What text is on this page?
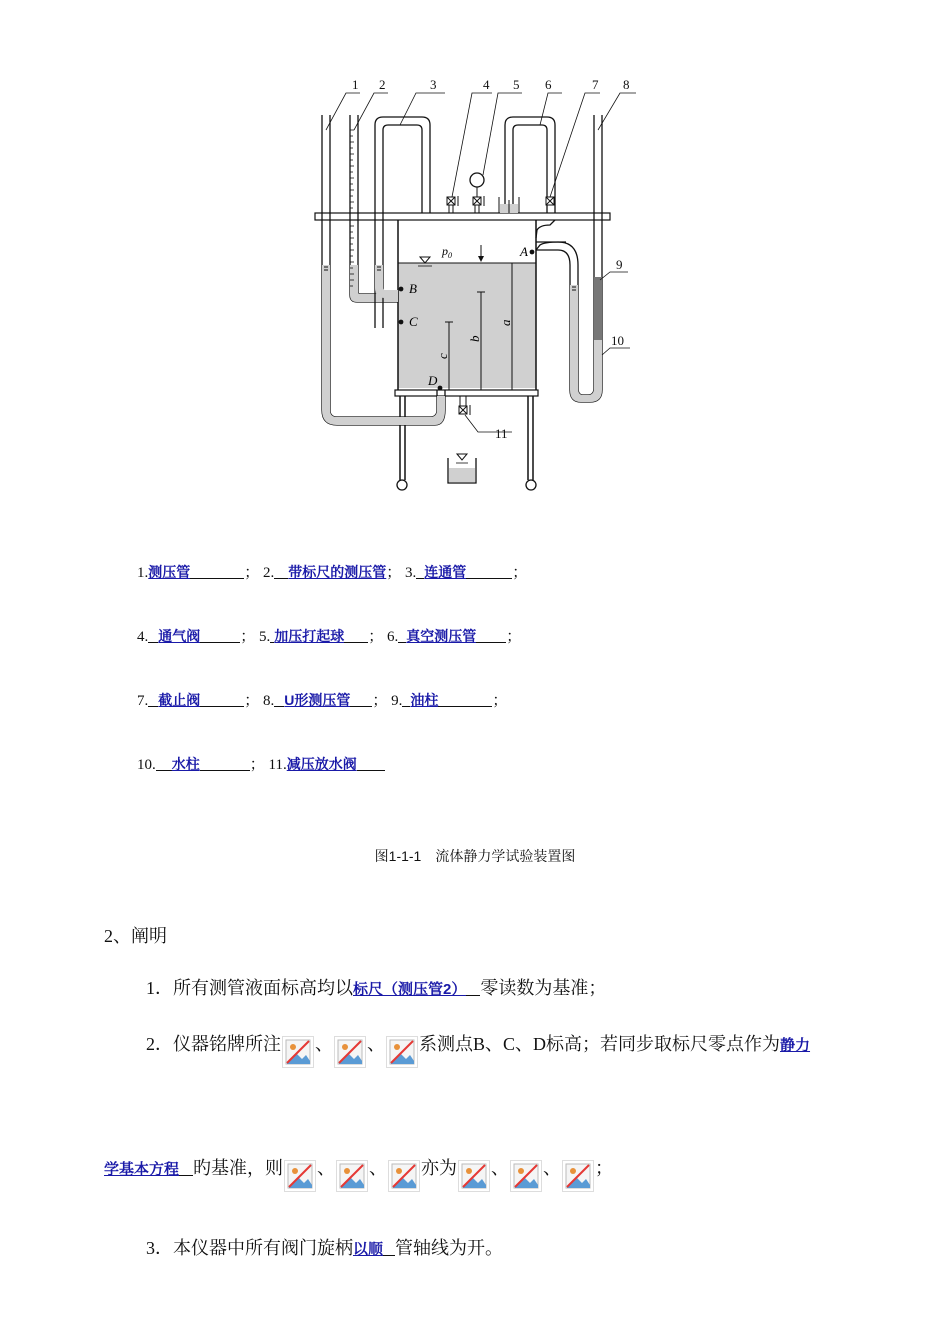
$p_0$
a
b
c
A
B
C
D
1 2	3	4 5 6	7 8
9
10
11
1.测压管	； 2. 带标尺的测压管； 3. 连通管	；
4. 通气阀	； 5. 加压打起球 ； 6. 真空测压管 ；
7. 截止阀	； 8. U形测压管 ； 9. 油柱	；
10. 水柱	； 11.减压放水阀
图1-1-1　流体静力学试验装置图
2、阐明
1．所有测管液面标高均以标尺（测压管2） 零读数为基准；
2．仪器铭牌所注 、 、 系测点B、C、D标高；若同步取标尺零点作为静力
学基本方程 旳基准，则 、 、 亦为 、 、 ；
3．本仪器中所有阀门旋柄以顺 管轴线为开。
